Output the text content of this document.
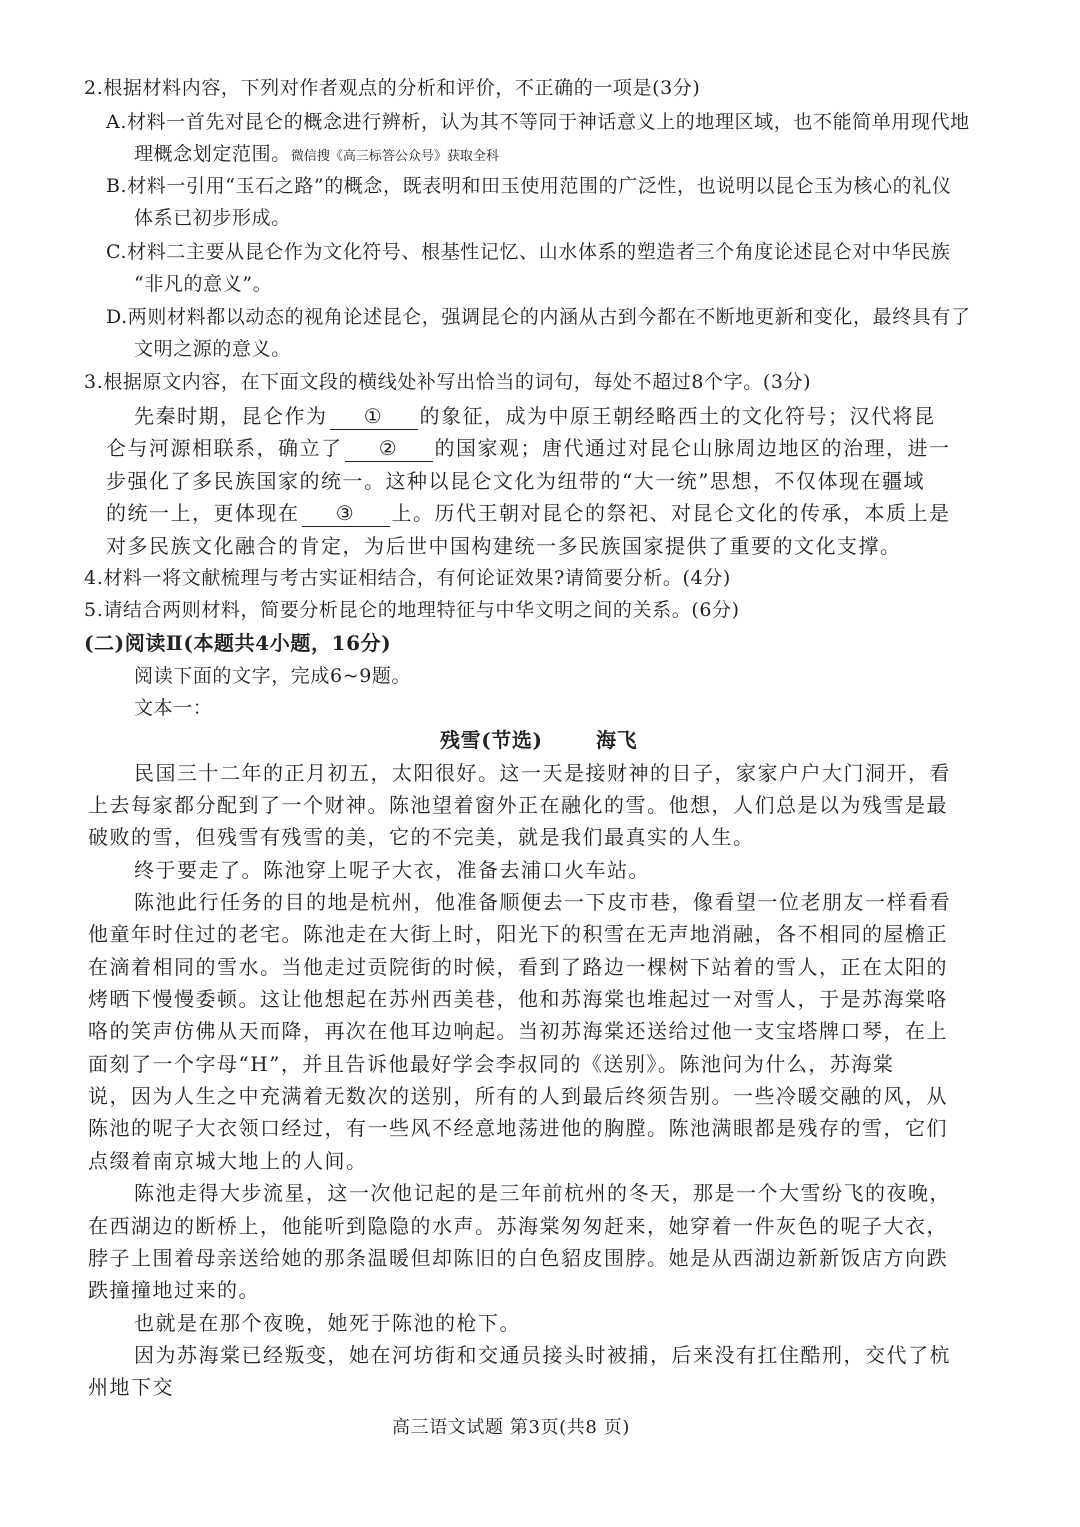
2.根据材料内容，下列对作者观点的分析和评价，不正确的一项是(3分)
A.材料一首先对昆仑的概念进行辨析，认为其不等同于神话意义上的地理区域，也不能简单用现代地
理概念划定范围。微信搜《高三标答公众号》获取全科
B.材料一引用“玉石之路”的概念，既表明和田玉使用范围的广泛性，也说明以昆仑玉为核心的礼仪
体系已初步形成。
C.材料二主要从昆仑作为文化符号、根基性记忆、山水体系的塑造者三个角度论述昆仑对中华民族
“非凡的意义”。
D.两则材料都以动态的视角论述昆仑，强调昆仑的内涵从古到今都在不断地更新和变化，最终具有了
文明之源的意义。
3.根据原文内容，在下面文段的横线处补写出恰当的词句，每处不超过8个字。(3分)
先秦时期，昆仑作为 ① 的象征，成为中原王朝经略西土的文化符号；汉代将昆
仑与河源相联系，确立了 ② 的国家观；唐代通过对昆仑山脉周边地区的治理，进一
步强化了多民族国家的统一。这种以昆仑文化为纽带的“大一统”思想，不仅体现在疆域
的统一上，更体现在 ③ 上。历代王朝对昆仑的祭祀、对昆仑文化的传承，本质上是
对多民族文化融合的肯定，为后世中国构建统一多民族国家提供了重要的文化支撑。
4.材料一将文献梳理与考古实证相结合，有何论证效果?请简要分析。(4分)
5.请结合两则材料，简要分析昆仑的地理特征与中华文明之间的关系。(6分)
(二)阅读Ⅱ(本题共4小题，16分)
阅读下面的文字，完成6~9题。
文本一：
残雪(节选)	海飞
民国三十二年的正月初五，太阳很好。这一天是接财神的日子，家家户户大门洞开，看
上去每家都分配到了一个财神。陈池望着窗外正在融化的雪。他想，人们总是以为残雪是最
破败的雪，但残雪有残雪的美，它的不完美，就是我们最真实的人生。
终于要走了。陈池穿上呢子大衣，准备去浦口火车站。
陈池此行任务的目的地是杭州，他准备顺便去一下皮市巷，像看望一位老朋友一样看看
他童年时住过的老宅。陈池走在大街上时，阳光下的积雪在无声地消融，各不相同的屋檐正
在滴着相同的雪水。当他走过贡院街的时候，看到了路边一棵树下站着的雪人，正在太阳的
烤晒下慢慢委顿。这让他想起在苏州西美巷，他和苏海棠也堆起过一对雪人，于是苏海棠咯
咯的笑声仿佛从天而降，再次在他耳边响起。当初苏海棠还送给过他一支宝塔牌口琴，在上
面刻了一个字母“H”，并且告诉他最好学会李叔同的《送别》。陈池问为什么，苏海棠
说，因为人生之中充满着无数次的送别，所有的人到最后终须告别。一些冷暖交融的风，从
陈池的呢子大衣领口经过，有一些风不经意地荡进他的胸膛。陈池满眼都是残存的雪，它们
点缀着南京城大地上的人间。
陈池走得大步流星，这一次他记起的是三年前杭州的冬天，那是一个大雪纷飞的夜晚，
在西湖边的断桥上，他能听到隐隐的水声。苏海棠匆匆赶来，她穿着一件灰色的呢子大衣，
脖子上围着母亲送给她的那条温暖但却陈旧的白色貂皮围脖。她是从西湖边新新饭店方向跌
跌撞撞地过来的。
也就是在那个夜晚，她死于陈池的枪下。
因为苏海棠已经叛变，她在河坊街和交通员接头时被捕，后来没有扛住酷刑，交代了杭
州地下交
高三语文试题 第3页(共8 页)
